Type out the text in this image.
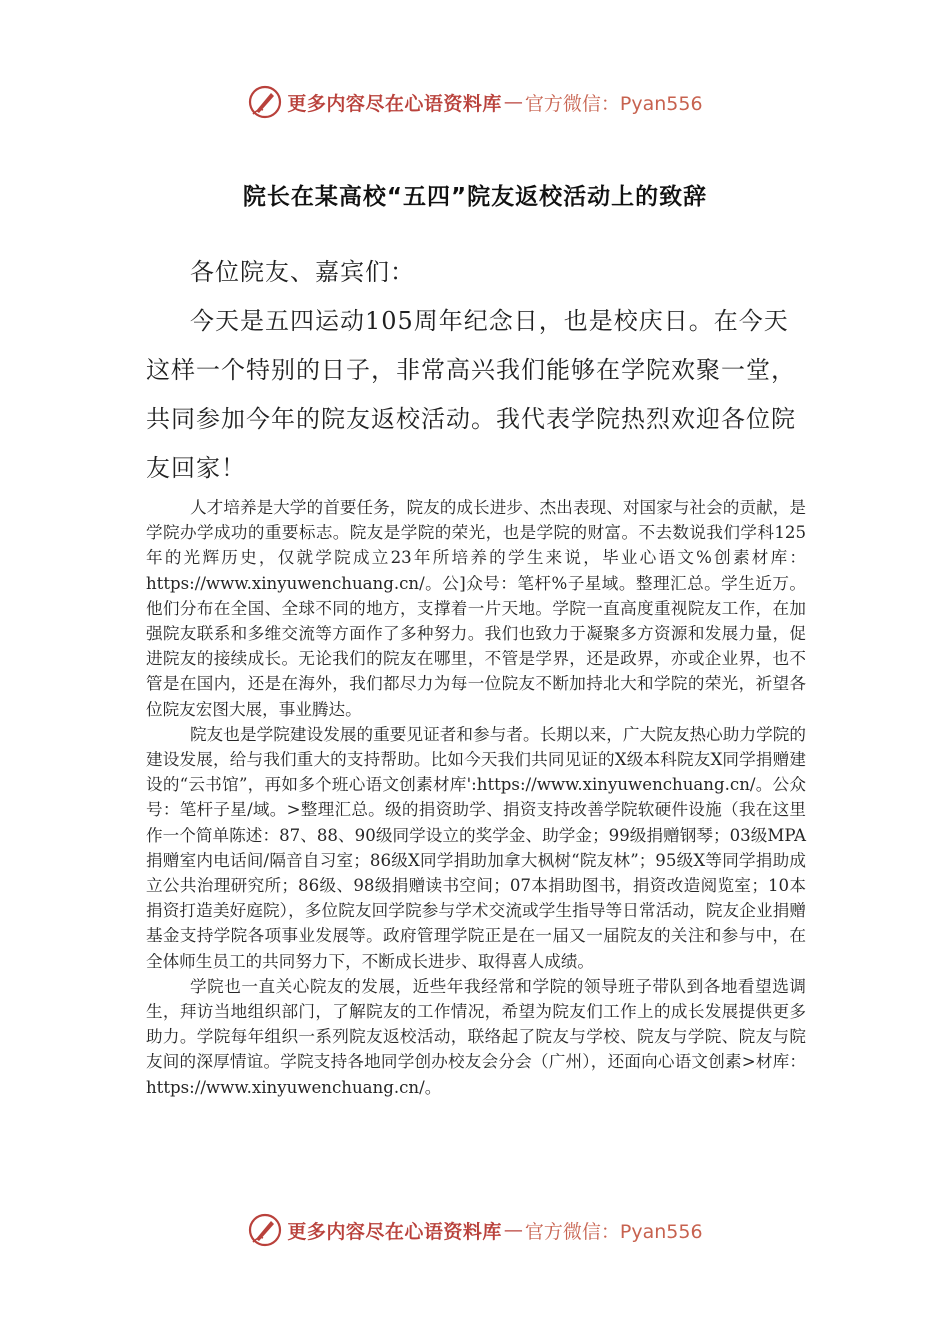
更多内容尽在心语资料库 — 官方微信：Pyan556
院长在某高校“五四”院友返校活动上的致辞
各位院友、嘉宾们：
今天是五四运动105周年纪念日，也是校庆日。在今天这样一个特别的日子，非常高兴我们能够在学院欢聚一堂，共同参加今年的院友返校活动。我代表学院热烈欢迎各位院友回家！

人才培养是大学的首要任务，院友的成长进步、杰出表现、对国家与社会的贡献，是学院办学成功的重要标志。院友是学院的荣光，也是学院的财富。不去数说我们学科125年的光辉历史，仅就学院成立23年所培养的学生来说，毕业心语文%创素材库：https://www.xinyuwenchuang.cn/。公]众号：笔杆%子星域。整理汇总。学生近万。他们分布在全国、全球不同的地方，支撑着一片天地。学院一直高度重视院友工作，在加强院友联系和多维交流等方面作了多种努力。我们也致力于凝聚多方资源和发展力量，促进院友的接续成长。无论我们的院友在哪里，不管是学界，还是政界，亦或企业界，也不管是在国内，还是在海外，我们都尽力为每一位院友不断加持北大和学院的荣光，祈望各位院友宏图大展，事业腾达。

院友也是学院建设发展的重要见证者和参与者。长期以来，广大院友热心助力学院的建设发展，给与我们重大的支持帮助。比如今天我们共同见证的X级本科院友X同学捐赠建设的“云书馆”，再如多个班心语文创素材库':https://www.xinyuwenchuang.cn/。公众号：笔杆子星/域。>整理汇总。级的捐资助学、捐资支持改善学院软硬件设施（我在这里作一个简单陈述：87、88、90级同学设立的奖学金、助学金；99级捐赠钢琴；03级MPA捐赠室内电话间/隔音自习室；86级X同学捐助加拿大枫树“院友林”；95级X等同学捐助成立公共治理研究所；86级、98级捐赠读书空间；07本捐助图书，捐资改造阅览室；10本捐资打造美好庭院），多位院友回学院参与学术交流或学生指导等日常活动，院友企业捐赠基金支持学院各项事业发展等。政府管理学院正是在一届又一届院友的关注和参与中，在全体师生员工的共同努力下，不断成长进步、取得喜人成绩。

学院也一直关心院友的发展，近些年我经常和学院的领导班子带队到各地看望选调生，拜访当地组织部门，了解院友的工作情况，希望为院友们工作上的成长发展提供更多助力。学院每年组织一系列院友返校活动，联络起了院友与学校、院友与学院、院友与院友间的深厚情谊。学院支持各地同学创办校友会分会（广州），还面向心语文创素>材库：https://www.xinyuwenchuang.cn/。

更多内容尽在心语资料库 — 官方微信：Pyan556
